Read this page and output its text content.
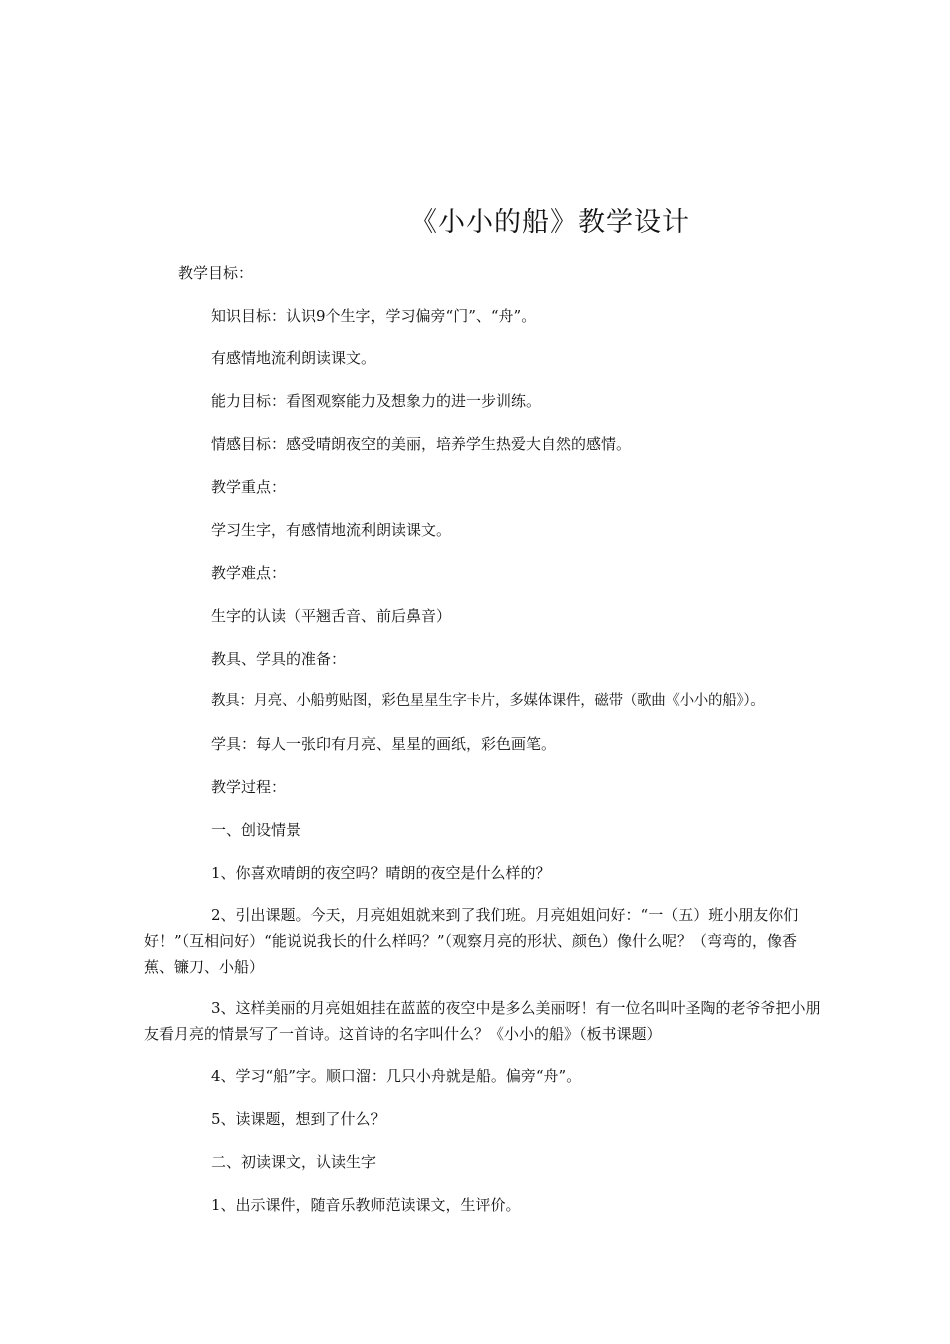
《小小的船》教学设计
教学目标：
知识目标：认识9个生字，学习偏旁“门”、“舟”。
有感情地流利朗读课文。
能力目标：看图观察能力及想象力的进一步训练。
情感目标：感受晴朗夜空的美丽，培养学生热爱大自然的感情。
教学重点：
学习生字，有感情地流利朗读课文。
教学难点：
生字的认读（平翘舌音、前后鼻音）
教具、学具的准备：
教具：月亮、小船剪贴图，彩色星星生字卡片，多媒体课件，磁带（歌曲《小小的船》）。
学具：每人一张印有月亮、星星的画纸，彩色画笔。
教学过程：
一、创设情景
1、你喜欢晴朗的夜空吗？晴朗的夜空是什么样的？
2、引出课题。今天，月亮姐姐就来到了我们班。月亮姐姐问好：“一（五）班小朋友你们好！”（互相问好）“能说说我长的什么样吗？”（观察月亮的形状、颜色）像什么呢？（弯弯的，像香蕉、镰刀、小船）
3、这样美丽的月亮姐姐挂在蓝蓝的夜空中是多么美丽呀！有一位名叫叶圣陶的老爷爷把小朋友看月亮的情景写了一首诗。这首诗的名字叫什么？《小小的船》（板书课题）
4、学习“船”字。顺口溜：几只小舟就是船。偏旁“舟”。
5、读课题，想到了什么？
二、初读课文，认读生字
1、出示课件，随音乐教师范读课文，生评价。
